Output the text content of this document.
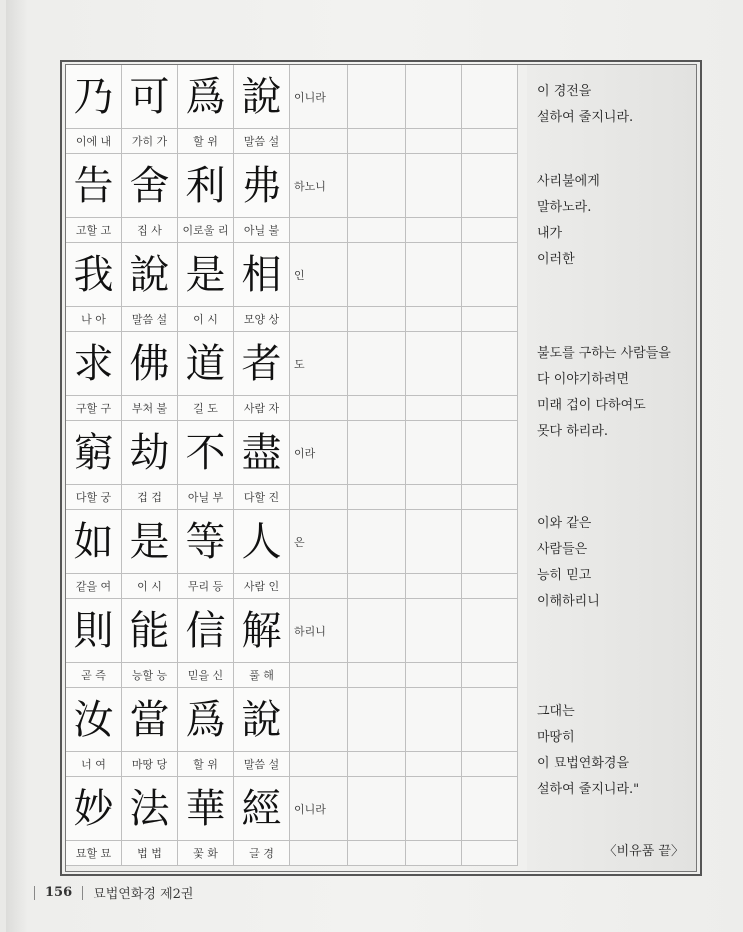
乃
이에 내
可
가히 가
爲
할 위
說
말씀 설
이니라
告
고할 고
舍
집 사
利
이로울 리
弗
아닐 불
하노니
我
나 아
說
말씀 설
是
이 시
相
모양 상
인
求
구할 구
佛
부처 불
道
길 도
者
사람 자
도
窮
다할 궁
劫
겁 겁
不
아닐 부
盡
다할 진
이라
如
같을 여
是
이 시
等
무리 등
人
사람 인
은
則
곧 즉
能
능할 능
信
믿을 신
解
풀 해
하리니
汝
너 여
當
마땅 당
爲
할 위
說
말씀 설
妙
묘할 묘
法
법 법
華
꽃 화
經
글 경
이니라

이 경전을
설하여 줄지니라.

사리불에게
말하노라.
내가
이러한

불도를 구하는 사람들을
다 이야기하려면
미래 겁이 다하여도
못다 하리라.

이와 같은
사람들은
능히 믿고
이해하리니

그대는
마땅히
이 묘법연화경을
설하여 줄지니라."

〈비유품 끝〉
156 묘법연화경 제2권
